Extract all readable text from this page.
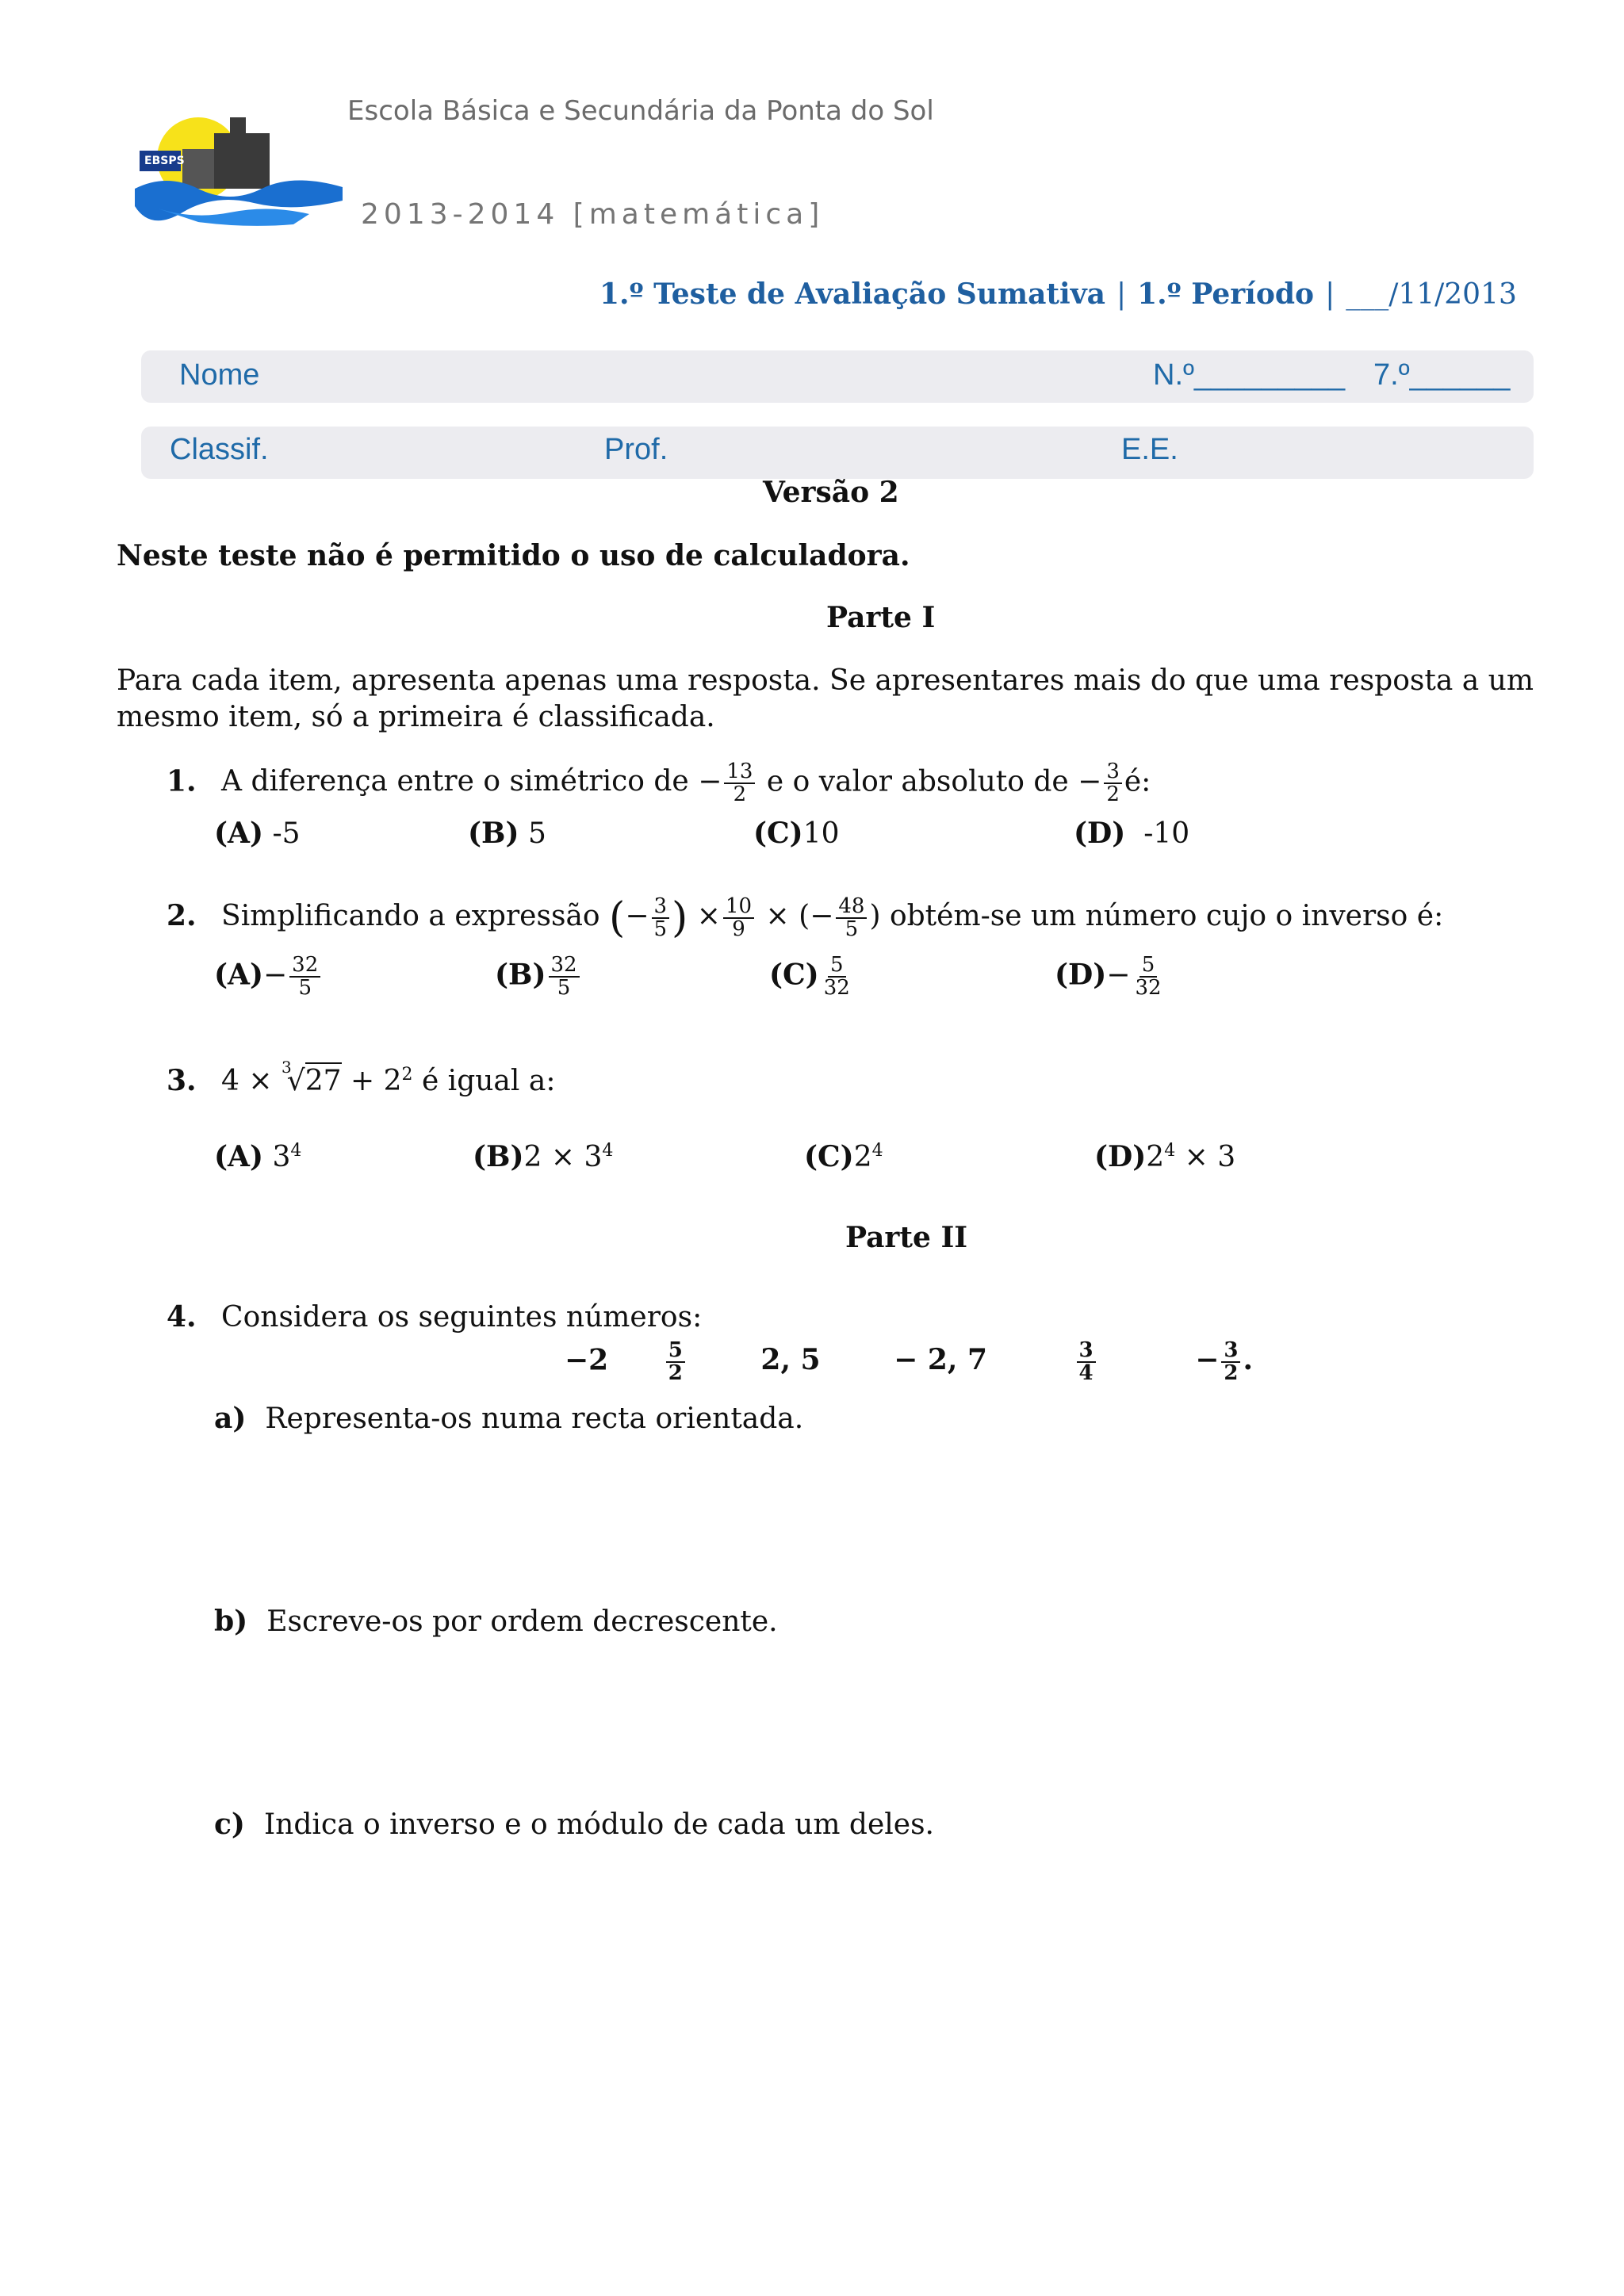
EBSPS
Escola Básica e Secundária da Ponta do Sol
2013-2014 [matemática]
1.º Teste de Avaliação Sumativa | 1.º Período | ___/11/2013
Nome	N.º_________ 7.º______
Classif.	Prof.	E.E.
Versão 2
Neste teste não é permitido o uso de calculadora.
Parte I
Para cada item, apresenta apenas uma resposta. Se apresentares mais do que uma resposta a um mesmo item, só a primeira é classificada.
1. A diferença entre o simétrico de − $\frac{13}{2}$ e o valor absoluto de − $\frac{3}{2}$ é:
(A) -5	(B) 5	(C)10	(D) -10
2. Simplificando a expressão (− $\frac{3}{5}$ ) × $\frac{10}{9}$ × (− $\frac{48}{5}$ ) obtém-se um número cujo o inverso é:
$(A)- \frac{32}{5}$	$(B) \frac{32}{5}$	$(C) \frac{5}{32}$	$(D)- \frac{5}{32}$
3. $4 \times ^3√27 + 2^2$ é igual a:
(A) $3^4$	$(B)2 \times 3^4$	$(C)2^4$	$(D)2^4 \times 3$
Parte II
4. Considera os seguintes números:
−2	$\frac{5}{2}$	2, 5	− 2, 7	$\frac{3}{4}$	− $\frac{3}{2}$ .
a) Representa-os numa recta orientada.
b) Escreve-os por ordem decrescente.
c) Indica o inverso e o módulo de cada um deles.
